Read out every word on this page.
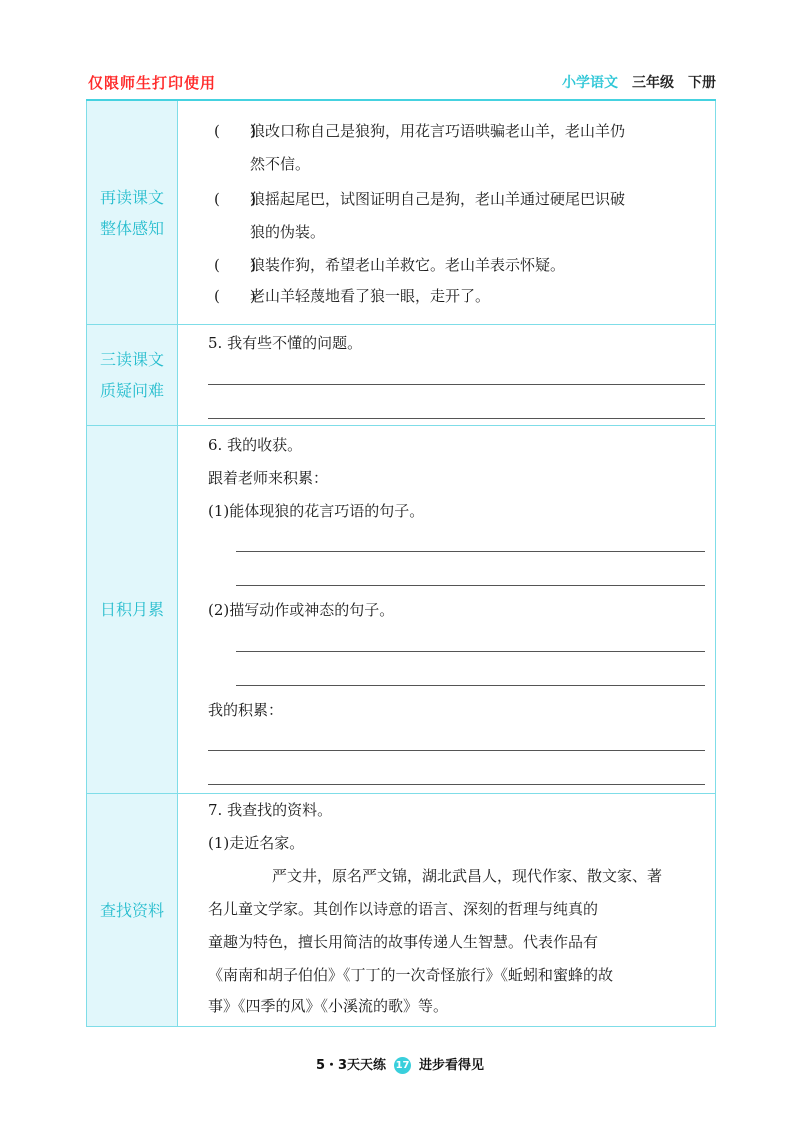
仅限师生打印使用	小学语文 三年级 下册
再读课文
整体感知
(　　)狼改口称自己是狼狗，用花言巧语哄骗老山羊，老山羊仍
然不信。
(　　)狼摇起尾巴，试图证明自己是狗，老山羊通过硬尾巴识破
狼的伪装。
(　　)狼装作狗，希望老山羊救它。老山羊表示怀疑。
(　　)老山羊轻蔑地看了狼一眼，走开了。
三读课文
质疑问难
5. 我有些不懂的问题。
日积月累
6. 我的收获。
跟着老师来积累：
(1)能体现狼的花言巧语的句子。
(2)描写动作或神态的句子。
我的积累：
查找资料
7. 我查找的资料。
(1)走近名家。
严文井，原名严文锦，湖北武昌人，现代作家、散文家、著
名儿童文学家。其创作以诗意的语言、深刻的哲理与纯真的
童趣为特色，擅长用简洁的故事传递人生智慧。代表作品有
《南南和胡子伯伯》《丁丁的一次奇怪旅行》《蚯蚓和蜜蜂的故
事》《四季的风》《小溪流的歌》等。
5・3天天练 17 进步看得见
